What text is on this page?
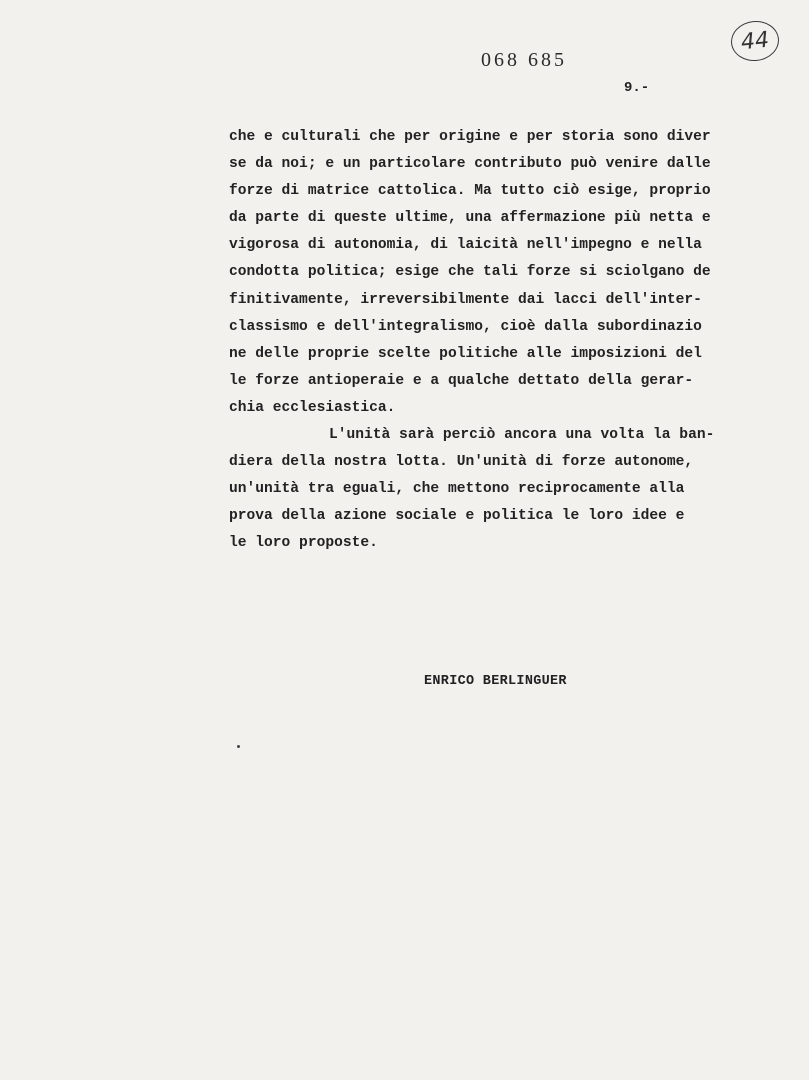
068 685
9.-
44
che e culturali che per origine e per storia sono diver
se da noi; e un particolare contributo può venire dalle
forze di matrice cattolica. Ma tutto ciò esige, proprio
da parte di queste ultime, una affermazione più netta e
vigorosa di autonomia, di laicità nell'impegno e nella
condotta politica; esige che tali forze si sciolgano de
finitivamente, irreversibilmente dai lacci dell'inter-
classismo e dell'integralismo, cioè dalla subordinazio
ne delle proprie scelte politiche alle imposizioni del
le forze antioperaie e a qualche dettato della gerar-
chia ecclesiastica.
L'unità sarà perciò ancora una volta la ban-
diera della nostra lotta. Un'unità di forze autonome,
un'unità tra eguali, che mettono reciprocamente alla
prova della azione sociale e politica le loro idee e
le loro proposte.
ENRICO BERLINGUER
